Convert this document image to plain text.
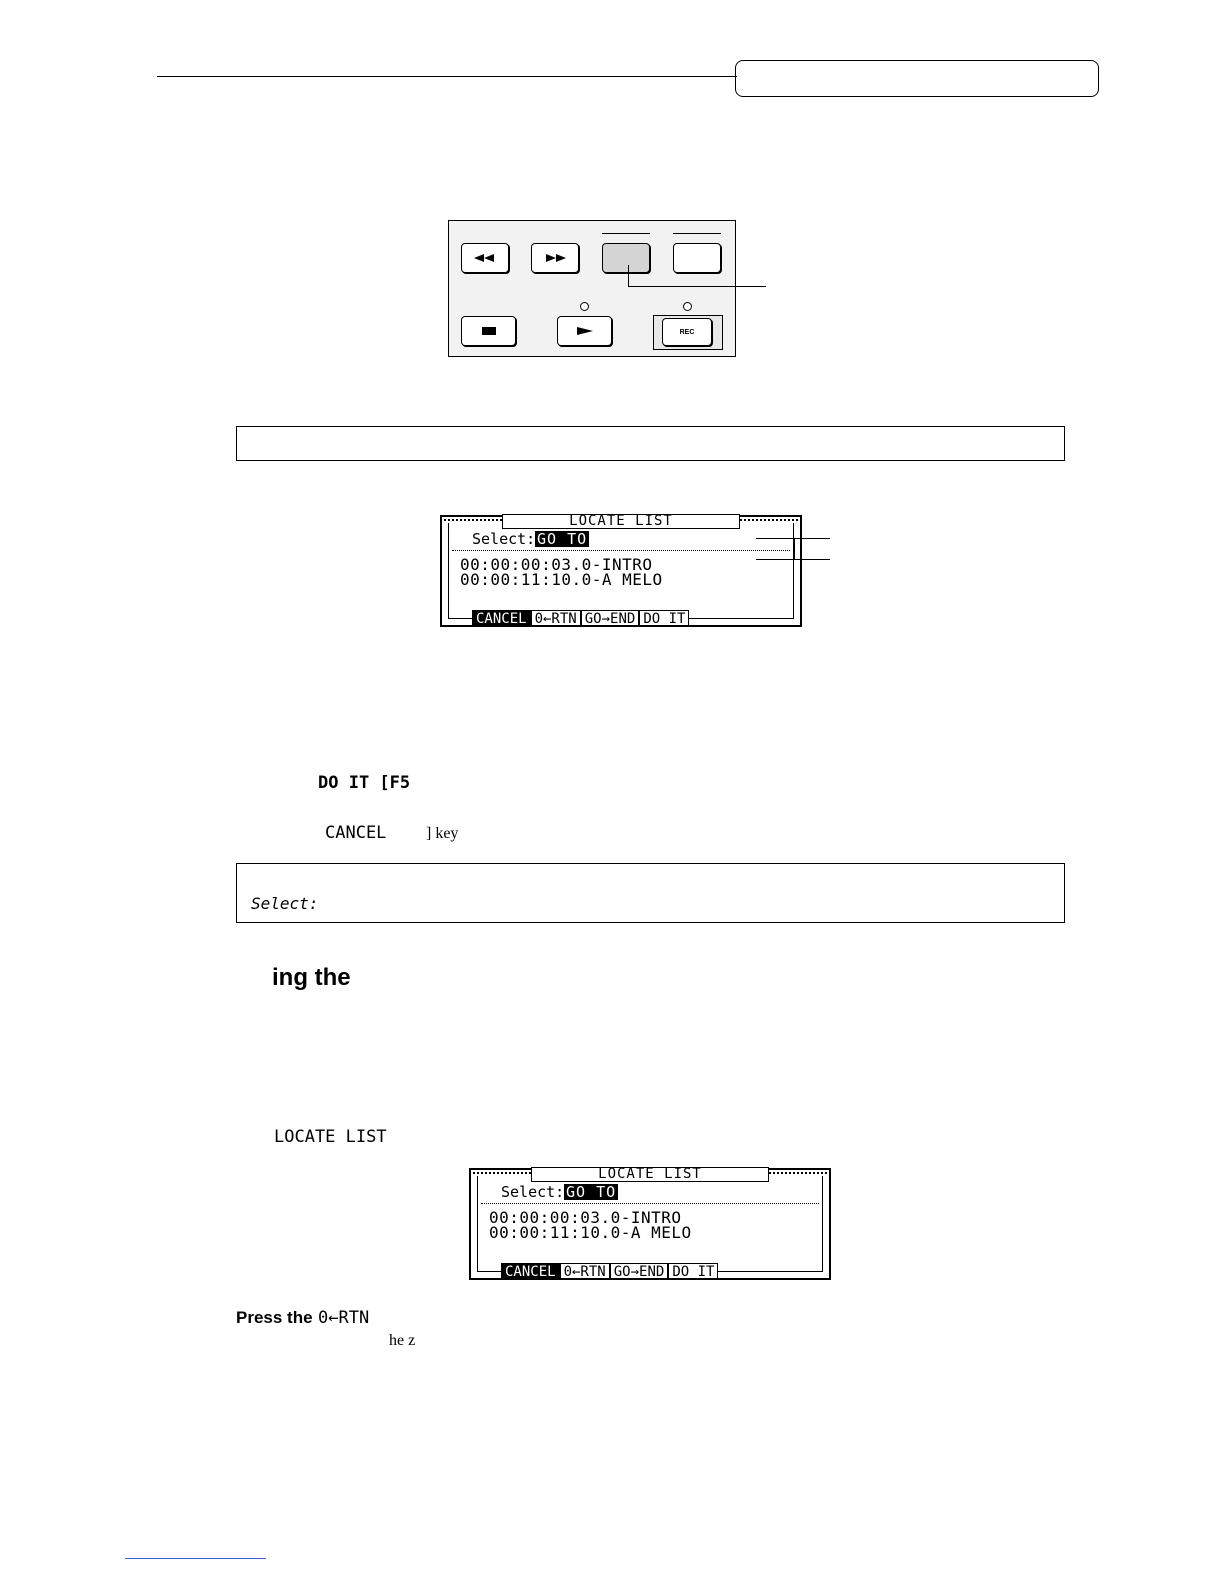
REC
LOCATE LIST
Select: GO TO
00:00:00:03.0-INTRO
00:00:11:10.0-A MELO
CANCEL 0←RTN GO→END DO IT
DO IT [F5
CANCEL ] key
Select:
ing the
LOCATE LIST
LOCATE LIST
Select: GO TO
00:00:00:03.0-INTRO
00:00:11:10.0-A MELO
CANCEL 0←RTN GO→END DO IT
Press the 0←RTN
he z
